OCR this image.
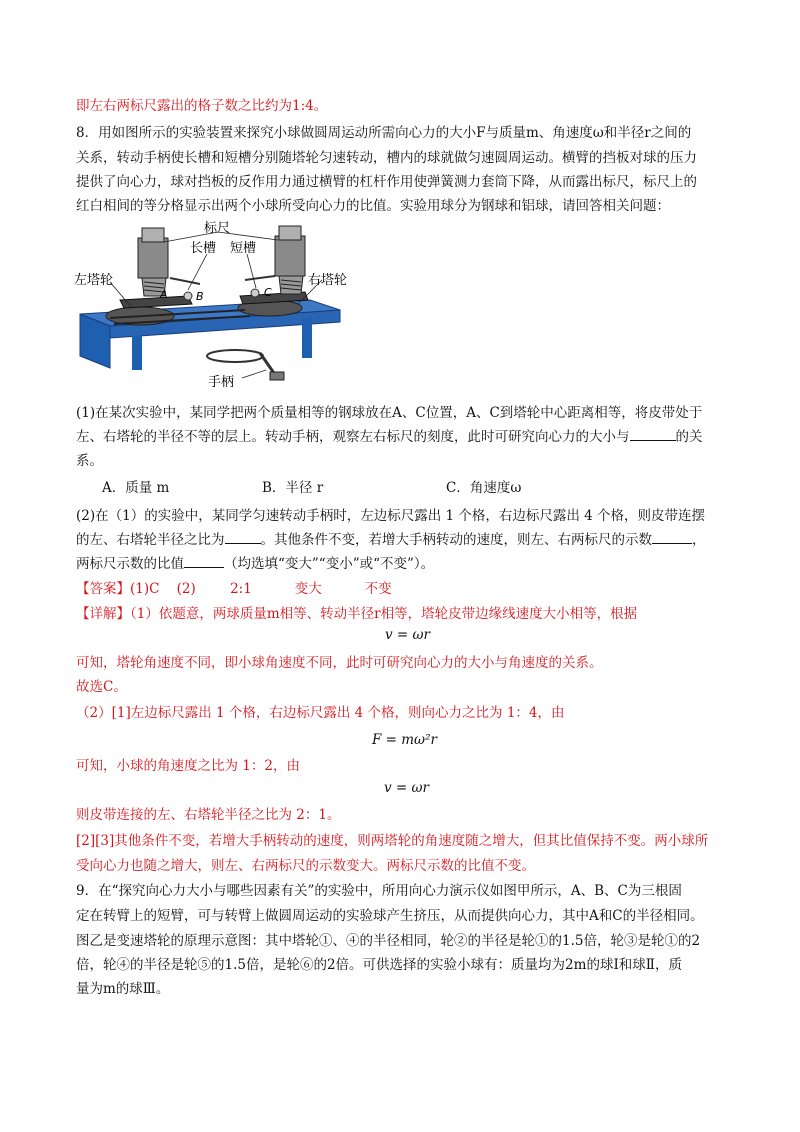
即左右两标尺露出的格子数之比约为1:4。
8．用如图所示的实验装置来探究小球做圆周运动所需向心力的大小F与质量m、角速度ω和半径r之间的
关系，转动手柄使长槽和短槽分别随塔轮匀速转动，槽内的球就做匀速圆周运动。横臂的挡板对球的压力
提供了向心力，球对挡板的反作用力通过横臂的杠杆作用使弹簧测力套筒下降，从而露出标尺，标尺上的
红白相间的等分格显示出两个小球所受向心力的比值。实验用球分为钢球和铝球，请回答相关问题：
标尺
长槽 短槽
左塔轮	右塔轮
手柄
A	B	C
(1)在某次实验中，某同学把两个质量相等的钢球放在A、C位置，A、C到塔轮中心距离相等，将皮带处于
左、右塔轮的半径不等的层上。转动手柄，观察左右标尺的刻度，此时可研究向心力的大小与	的关
系。
A．质量 m	B．半径 r	C．角速度ω
(2)在（1）的实验中，某同学匀速转动手柄时，左边标尺露出 1 个格，右边标尺露出 4 个格，则皮带连摆
的左、右塔轮半径之比为	。其他条件不变，若增大手柄转动的速度，则左、右两标尺的示数	，
两标尺示数的比值	（均选填“变大”“变小”或“不变”）。
【答案】(1)C    (2)        2:1          变大          不变
【详解】（1）依题意，两球质量m相等、转动半径r相等，塔轮皮带边缘线速度大小相等，根据
v = ωr
可知，塔轮角速度不同，即小球角速度不同，此时可研究向心力的大小与角速度的关系。
故选C。
（2）[1]左边标尺露出 1 个格，右边标尺露出 4 个格，则向心力之比为 1：4，由
F = mω²r
可知，小球的角速度之比为 1：2，由
v = ωr
则皮带连接的左、右塔轮半径之比为 2：1。
[2][3]其他条件不变，若增大手柄转动的速度，则两塔轮的角速度随之增大，但其比值保持不变。两小球所
受向心力也随之增大，则左、右两标尺的示数变大。两标尺示数的比值不变。
9．在“探究向心力大小与哪些因素有关”的实验中，所用向心力演示仪如图甲所示，A、B、C为三根固
定在转臂上的短臂，可与转臂上做圆周运动的实验球产生挤压，从而提供向心力，其中A和C的半径相同。
图乙是变速塔轮的原理示意图：其中塔轮①、④的半径相同，轮②的半径是轮①的1.5倍，轮③是轮①的2
倍，轮④的半径是轮⑤的1.5倍，是轮⑥的2倍。可供选择的实验小球有：质量均为2m的球Ⅰ和球Ⅱ，质
量为m的球Ⅲ。
